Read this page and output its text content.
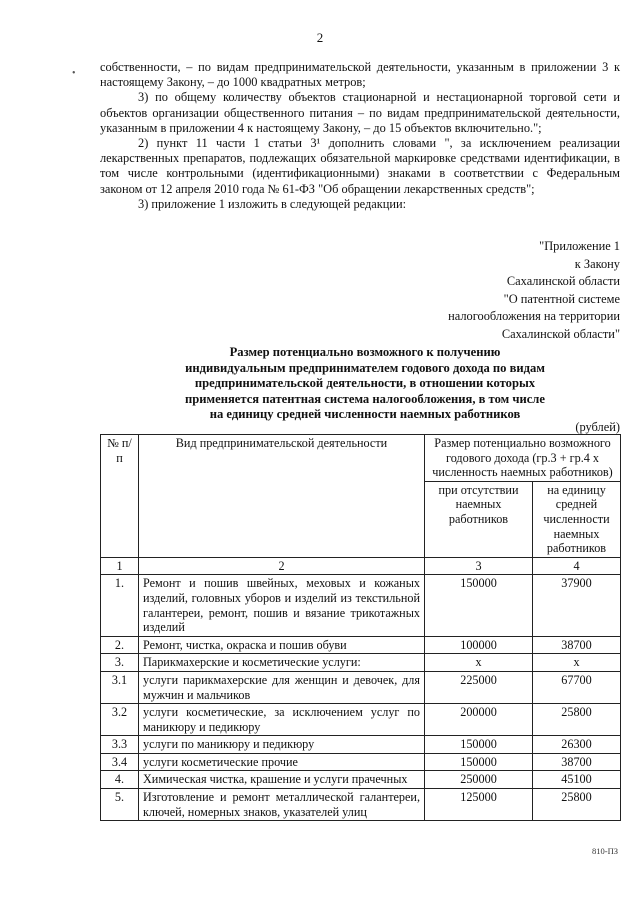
2
• собственности, – по видам предпринимательской деятельности, указанным в приложении 3 к настоящему Закону, – до 1000 квадратных метров;

3) по общему количеству объектов стационарной и нестационарной торговой сети и объектов организации общественного питания – по видам предпринимательской деятельности, указанным в приложении 4 к настоящему Закону, – до 15 объектов включительно.";

2) пункт 11 части 1 статьи 3¹ дополнить словами ", за исключением реализации лекарственных препаратов, подлежащих обязательной маркировке средствами идентификации, в том числе контрольными (идентификационными) знаками в соответствии с Федеральным законом от 12 апреля 2010 года № 61-ФЗ "Об обращении лекарственных средств";

3) приложение 1 изложить в следующей редакции:

"Приложение 1
к Закону
Сахалинской области
"О патентной системе
налогообложения на территории
Сахалинской области"
Размер потенциально возможного к получению
индивидуальным предпринимателем годового дохода по видам
предпринимательской деятельности, в отношении которых
применяется патентная система налогообложения, в том числе
на единицу средней численности наемных работников
(рублей)
№ п/п	Вид предпринимательской деятельности	Размер потенциально возможного годового дохода (гр.3 + гр.4 х численность наемных работников)	
		при отсутствии наемных работников	на единицу средней численности наемных работников
1	2	3	4
1.	Ремонт и пошив швейных, меховых и кожаных изделий, головных уборов и изделий из текстильной галантереи, ремонт, пошив и вязание трикотажных изделий	150000	37900
2.	Ремонт, чистка, окраска и пошив обуви	100000	38700
3.	Парикмахерские и косметические услуги:	х	х
3.1	услуги парикмахерские для женщин и девочек, для мужчин и мальчиков	225000	67700
3.2	услуги косметические, за исключением услуг по маникюру и педикюру	200000	25800
3.3	услуги по маникюру и педикюру	150000	26300
3.4	услуги косметические прочие	150000	38700
4.	Химическая чистка, крашение и услуги прачечных	250000	45100
5.	Изготовление и ремонт металлической галантереи, ключей, номерных знаков, указателей улиц	125000	25800
810-ПЗ
